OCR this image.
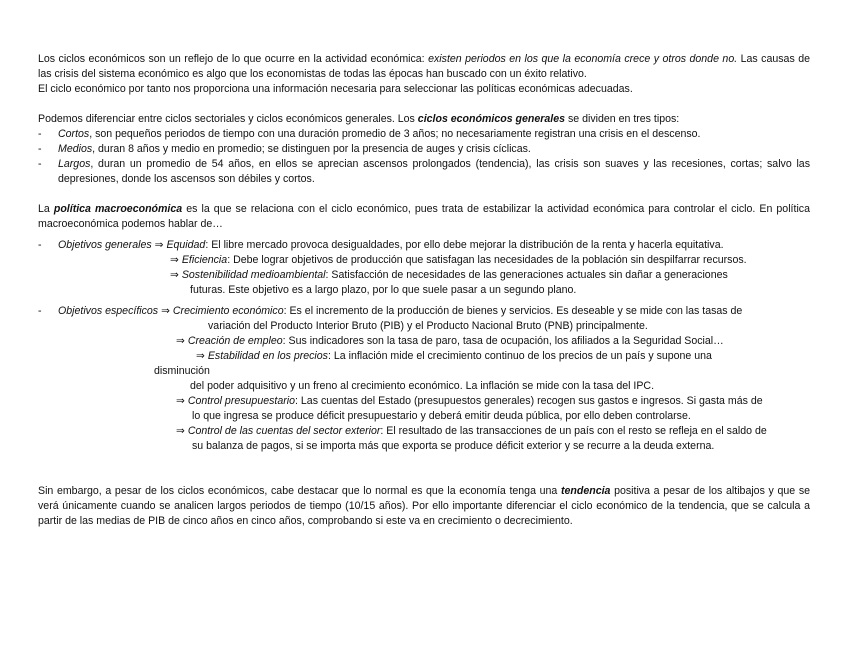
Los ciclos económicos son un reflejo de lo que ocurre en la actividad económica: existen periodos en los que la economía crece y otros donde no. Las causas de las crisis del sistema económico es algo que los economistas de todas las épocas han buscado con un éxito relativo.

El ciclo económico por tanto nos proporciona una información necesaria para seleccionar las políticas económicas adecuadas.

Podemos diferenciar entre ciclos sectoriales y ciclos económicos generales. Los ciclos económicos generales se dividen en tres tipos:

- Cortos, son pequeños periodos de tiempo con una duración promedio de 3 años; no necesariamente registran una crisis en el descenso.
- Medios, duran 8 años y medio en promedio; se distinguen por la presencia de auges y crisis cíclicas.
- Largos, duran un promedio de 54 años, en ellos se aprecian ascensos prolongados (tendencia), las crisis son suaves y las recesiones, cortas; salvo las depresiones, donde los ascensos son débiles y cortos.

La política macroeconómica es la que se relaciona con el ciclo económico, pues trata de estabilizar la actividad económica para controlar el ciclo. En política macroeconómica podemos hablar de…

- Objetivos generales ⇒ Equidad: El libre mercado provoca desigualdades, por ello debe mejorar la distribución de la renta y hacerla equitativa.
⇒ Eficiencia: Debe lograr objetivos de producción que satisfagan las necesidades de la población sin despilfarrar recursos.
⇒ Sostenibilidad medioambiental: Satisfacción de necesidades de las generaciones actuales sin dañar a generaciones
futuras. Este objetivo es a largo plazo, por lo que suele pasar a un segundo plano.
- Objetivos específicos ⇒ Crecimiento económico: Es el incremento de la producción de bienes y servicios. Es deseable y se mide con las tasas de
variación del Producto Interior Bruto (PIB) y el Producto Nacional Bruto (PNB) principalmente.
⇒ Creación de empleo: Sus indicadores son la tasa de paro, tasa de ocupación, los afiliados a la Seguridad Social…
⇒ Estabilidad en los precios: La inflación mide el crecimiento continuo de los precios de un país y supone una
disminución
del poder adquisitivo y un freno al crecimiento económico. La inflación se mide con la tasa del IPC.
⇒ Control presupuestario: Las cuentas del Estado (presupuestos generales) recogen sus gastos e ingresos. Si gasta más de
lo que ingresa se produce déficit presupuestario y deberá emitir deuda pública, por ello deben controlarse.
⇒ Control de las cuentas del sector exterior: El resultado de las transacciones de un país con el resto se refleja en el saldo de
su balanza de pagos, si se importa más que exporta se produce déficit exterior y se recurre a la deuda externa.

Sin embargo, a pesar de los ciclos económicos, cabe destacar que lo normal es que la economía tenga una tendencia positiva a pesar de los altibajos y que se verá únicamente cuando se analicen largos periodos de tiempo (10/15 años). Por ello importante diferenciar el ciclo económico de la tendencia, que se calcula a partir de las medias de PIB de cinco años en cinco años, comprobando si este va en crecimiento o decrecimiento.
